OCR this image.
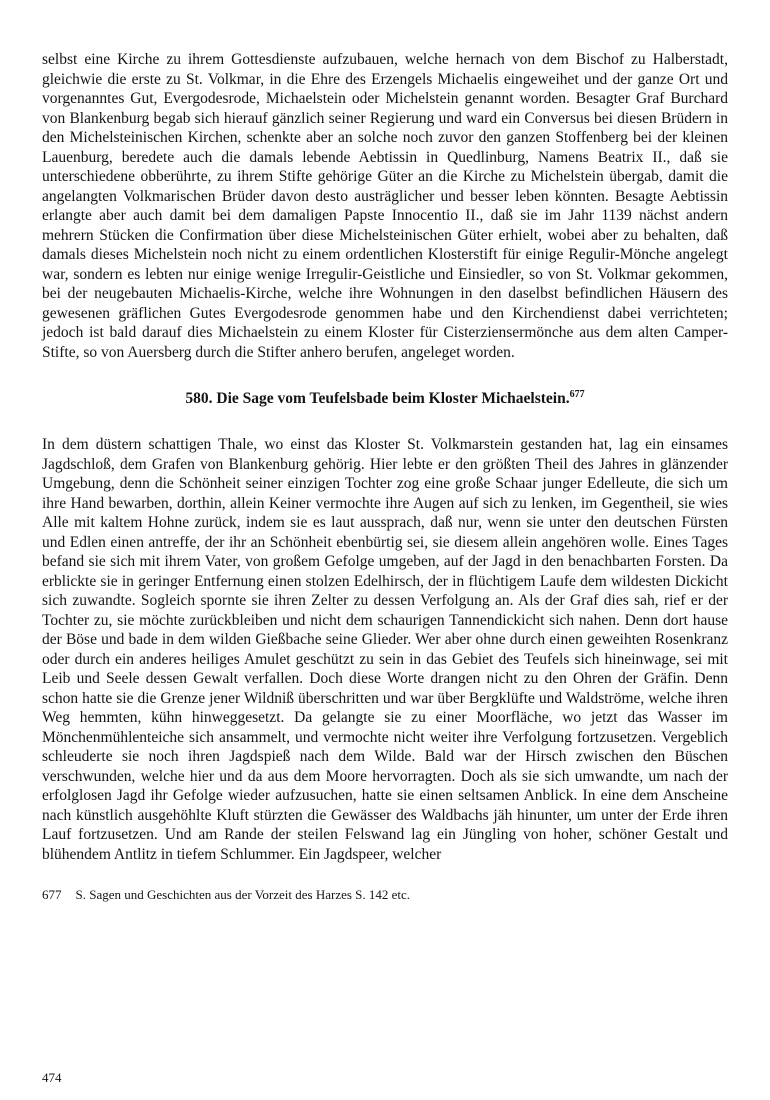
selbst eine Kirche zu ihrem Gottesdienste aufzubauen, welche hernach von dem Bischof zu Halberstadt, gleichwie die erste zu St. Volkmar, in die Ehre des Erzengels Michaelis eingeweihet und der ganze Ort und vorgenanntes Gut, Evergodesrode, Michaelstein oder Michelstein genannt worden. Besagter Graf Burchard von Blankenburg begab sich hierauf gänzlich seiner Regierung und ward ein Conversus bei diesen Brüdern in den Michelsteinischen Kirchen, schenkte aber an solche noch zuvor den ganzen Stoffenberg bei der kleinen Lauenburg, beredete auch die damals lebende Aebtissin in Quedlinburg, Namens Beatrix II., daß sie unterschiedene obberührte, zu ihrem Stifte gehörige Güter an die Kirche zu Michelstein übergab, damit die angelangten Volkmarischen Brüder davon desto austräglicher und besser leben könnten. Besagte Aebtissin erlangte aber auch damit bei dem damaligen Papste Innocentio II., daß sie im Jahr 1139 nächst andern mehrern Stücken die Confirmation über diese Michelsteinischen Güter erhielt, wobei aber zu behalten, daß damals dieses Michelstein noch nicht zu einem ordentlichen Klosterstift für einige Regulir-Mönche angelegt war, sondern es lebten nur einige wenige Irregulir-Geistliche und Einsiedler, so von St. Volkmar gekommen, bei der neugebauten Michaelis-Kirche, welche ihre Wohnungen in den daselbst befindlichen Häusern des gewesenen gräflichen Gutes Evergodesrode genommen habe und den Kirchendienst dabei verrichteten; jedoch ist bald darauf dies Michaelstein zu einem Kloster für Cisterziensermönche aus dem alten Camper-Stifte, so von Auersberg durch die Stifter anhero berufen, angeleget worden.

580. Die Sage vom Teufelsbade beim Kloster Michaelstein.$^{677}$

In dem düstern schattigen Thale, wo einst das Kloster St. Volkmarstein gestanden hat, lag ein einsames Jagdschloß, dem Grafen von Blankenburg gehörig. Hier lebte er den größten Theil des Jahres in glänzender Umgebung, denn die Schönheit seiner einzigen Tochter zog eine große Schaar junger Edelleute, die sich um ihre Hand bewarben, dorthin, allein Keiner vermochte ihre Augen auf sich zu lenken, im Gegentheil, sie wies Alle mit kaltem Hohne zurück, indem sie es laut aussprach, daß nur, wenn sie unter den deutschen Fürsten und Edlen einen antreffe, der ihr an Schönheit ebenbürtig sei, sie diesem allein angehören wolle. Eines Tages befand sie sich mit ihrem Vater, von großem Gefolge umgeben, auf der Jagd in den benachbarten Forsten. Da erblickte sie in geringer Entfernung einen stolzen Edelhirsch, der in flüchtigem Laufe dem wildesten Dickicht sich zuwandte. Sogleich spornte sie ihren Zelter zu dessen Verfolgung an. Als der Graf dies sah, rief er der Tochter zu, sie möchte zurückbleiben und nicht dem schaurigen Tannendickicht sich nahen. Denn dort hause der Böse und bade in dem wilden Gießbache seine Glieder. Wer aber ohne durch einen geweihten Rosenkranz oder durch ein anderes heiliges Amulet geschützt zu sein in das Gebiet des Teufels sich hineinwage, sei mit Leib und Seele dessen Gewalt verfallen. Doch diese Worte drangen nicht zu den Ohren der Gräfin. Denn schon hatte sie die Grenze jener Wildniß überschritten und war über Bergklüfte und Waldströme, welche ihren Weg hemmten, kühn hinweggesetzt. Da gelangte sie zu einer Moorfläche, wo jetzt das Wasser im Mönchenmühlenteiche sich ansammelt, und vermochte nicht weiter ihre Verfolgung fortzusetzen. Vergeblich schleuderte sie noch ihren Jagdspieß nach dem Wilde. Bald war der Hirsch zwischen den Büschen verschwunden, welche hier und da aus dem Moore hervorragten. Doch als sie sich umwandte, um nach der erfolglosen Jagd ihr Gefolge wieder aufzusuchen, hatte sie einen seltsamen Anblick. In eine dem Anscheine nach künstlich ausgehöhlte Kluft stürzten die Gewässer des Waldbachs jäh hinunter, um unter der Erde ihren Lauf fortzusetzen. Und am Rande der steilen Felswand lag ein Jüngling von hoher, schöner Gestalt und blühendem Antlitz in tiefem Schlummer. Ein Jagdspeer, welcher

677 S. Sagen und Geschichten aus der Vorzeit des Harzes S. 142 etc.
474
